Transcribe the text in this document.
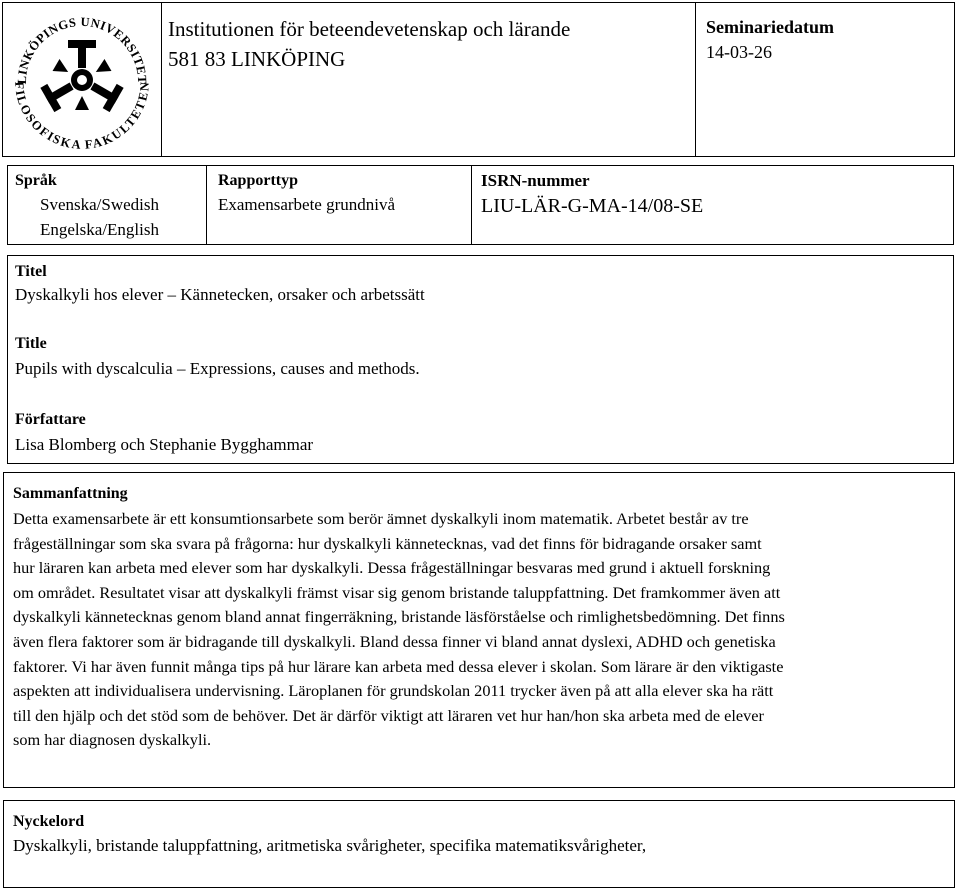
LINKÖPINGS UNIVERSITET
FILOSOFISKA FAKULTETEN
Institutionen för beteendevetenskap och lärande
581 83 LINKÖPING
Seminariedatum
14-03-26
Språk
Svenska/Swedish
Engelska/English
Rapporttyp
Examensarbete grundnivå
ISRN-nummer
LIU-LÄR-G-MA-14/08-SE
Titel
Dyskalkyli hos elever – Kännetecken, orsaker och arbetssätt
Title
Pupils with dyscalculia – Expressions, causes and methods.
Författare
Lisa Blomberg och Stephanie Bygghammar
Sammanfattning

Detta examensarbete är ett konsumtionsarbete som berör ämnet dyskalkyli inom matematik. Arbetet består av tre

frågeställningar som ska svara på frågorna: hur dyskalkyli kännetecknas, vad det finns för bidragande orsaker samt

hur läraren kan arbeta med elever som har dyskalkyli. Dessa frågeställningar besvaras med grund i aktuell forskning

om området. Resultatet visar att dyskalkyli främst visar sig genom bristande taluppfattning. Det framkommer även att

dyskalkyli kännetecknas genom bland annat fingerräkning, bristande läsförståelse och rimlighetsbedömning. Det finns

även flera faktorer som är bidragande till dyskalkyli. Bland dessa finner vi bland annat dyslexi, ADHD och genetiska

faktorer. Vi har även funnit många tips på hur lärare kan arbeta med dessa elever i skolan. Som lärare är den viktigaste

aspekten att individualisera undervisning. Läroplanen för grundskolan 2011 trycker även på att alla elever ska ha rätt

till den hjälp och det stöd som de behöver. Det är därför viktigt att läraren vet hur han/hon ska arbeta med de elever

som har diagnosen dyskalkyli.

Nyckelord
Dyskalkyli, bristande taluppfattning, aritmetiska svårigheter, specifika matematiksvårigheter,
